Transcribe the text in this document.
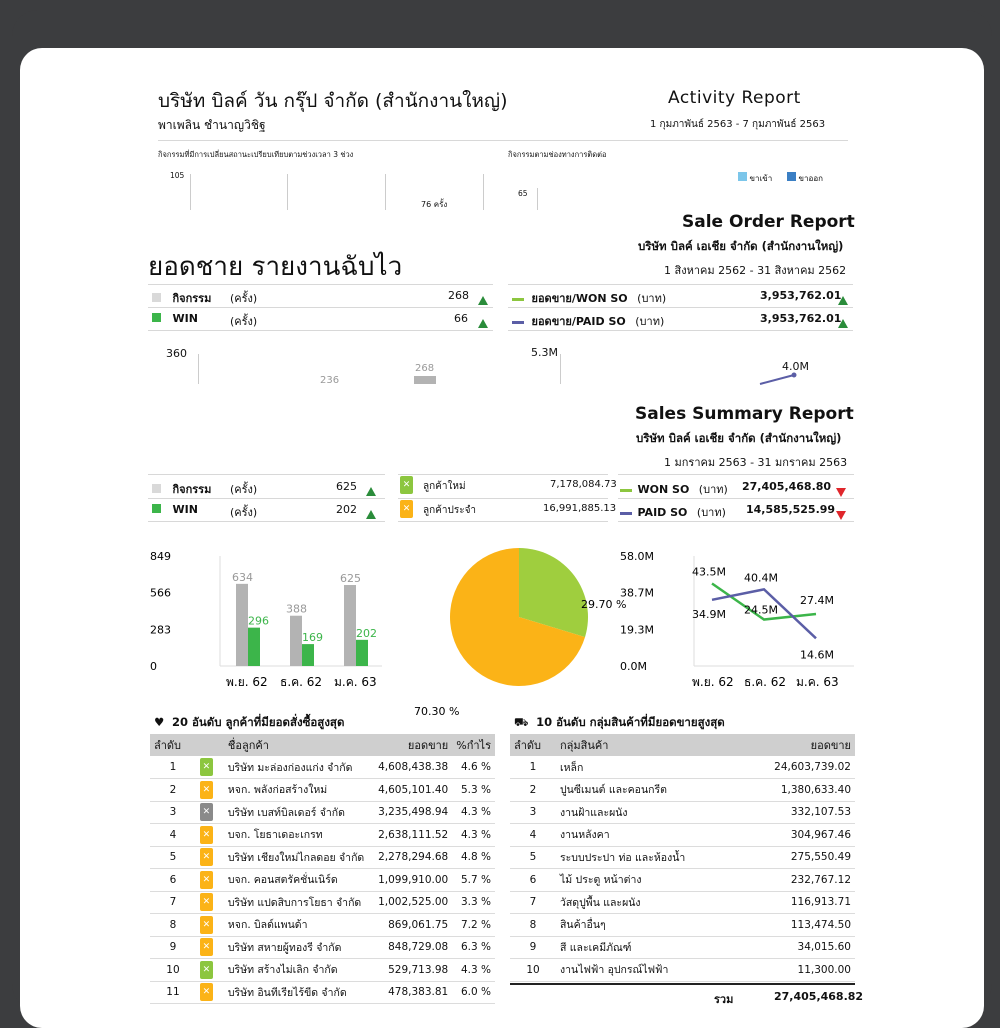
บริษัท บิลค์ วัน กรุ๊ป จำกัด (สำนักงานใหญ่)
พาเพลิน ชำนาญวิชิฐ
Activity Report
1 กุมภาพันธ์ 2563 - 7 กุมภาพันธ์ 2563
กิจกรรมที่มีการเปลี่ยนสถานะเปรียบเทียบตามช่วงเวลา 3 ช่วง
105
76 ครั้ง
กิจกรรมตามช่องทางการติดต่อ
65
ขาเข้า	ขาออก
Sale Order Report
บริษัท บิลค์ เอเชีย จำกัด (สำนักงานใหญ่)
1 สิงหาคม 2562 - 31 สิงหาคม 2562
ยอดชาย รายงานฉับไว
กิจกรรม (ครั้ง)	268
WIN	(ครั้ง)	66
ยอดขาย/WON SO (บาท)	3,953,762.01
ยอดขาย/PAID SO (บาท)	3,953,762.01
360
236
268
5.3M
4.0M
Sales Summary Report
บริษัท บิลค์ เอเชีย จำกัด (สำนักงานใหญ่)
1 มกราคม 2563 - 31 มกราคม 2563
กิจกรรม (ครั้ง)	625
WIN	(ครั้ง)	202
✕ ลูกค้าใหม่	7,178,084.73
✕ ลูกค้าประจำ	16,991,885.13
WON SO (บาท) 27,405,468.80
PAID SO (บาท) 14,585,525.99
849
566
283
0
634
296
พ.ย. 62
388
169
ธ.ค. 62
625
202
ม.ค. 63
29.70 %
70.30 %
58.0M
38.7M
19.3M
0.0M
43.5M
24.5M
27.4M
34.9M
40.4M
14.6M
พ.ย. 62 ธ.ค. 62 ม.ค. 63
♥ 20 อันดับ ลูกค้าที่มียอดสั่งซื้อสูงสุด
ลำดับ		ชื่อลูกค้า	ยอดขาย	%กำไร
1	✕	บริษัท มะล่องก่องแก่ง จำกัด	4,608,438.38	4.6 %
2	✕	หจก. พลังก่อสร้างใหม่	4,605,101.40	5.3 %
3	✕	บริษัท เบสท์บิลเดอร์ จำกัด	3,235,498.94	4.3 %
4	✕	บจก. โยธาเดอะเกรท	2,638,111.52	4.3 %
5	✕	บริษัท เชียงใหม่ไกลดอย จำกัด	2,278,294.68	4.8 %
6	✕	บจก. คอนสตรัคชั่นเนิร์ด	1,099,910.00	5.7 %
7	✕	บริษัท แปดสิบการโยธา จำกัด	1,002,525.00	3.3 %
8	✕	หจก. บิลด์แพนด้า	869,061.75	7.2 %
9	✕	บริษัท สหายผู้ทองรี จำกัด	848,729.08	6.3 %
10	✕	บริษัท สร้างไม่เลิก จำกัด	529,713.98	4.3 %
11	✕	บริษัท อินทีเรียไร้ขีด จำกัด	478,383.81	6.0 %
⛟ 10 อันดับ กลุ่มสินค้าที่มียอดขายสูงสุด
ลำดับ	กลุ่มสินค้า	ยอดขาย
1	เหล็ก	24,603,739.02
2	ปูนซีเมนต์ และคอนกรีต	1,380,633.40
3	งานฝ้าและผนัง	332,107.53
4	งานหลังคา	304,967.46
5	ระบบประปา ท่อ และห้องน้ำ	275,550.49
6	ไม้ ประตู หน้าต่าง	232,767.12
7	วัสดุปูพื้น และผนัง	116,913.71
8	สินค้าอื่นๆ	113,474.50
9	สี และเคมีภัณฑ์	34,015.60
10	งานไฟฟ้า อุปกรณ์ไฟฟ้า	11,300.00
รวม	27,405,468.82
